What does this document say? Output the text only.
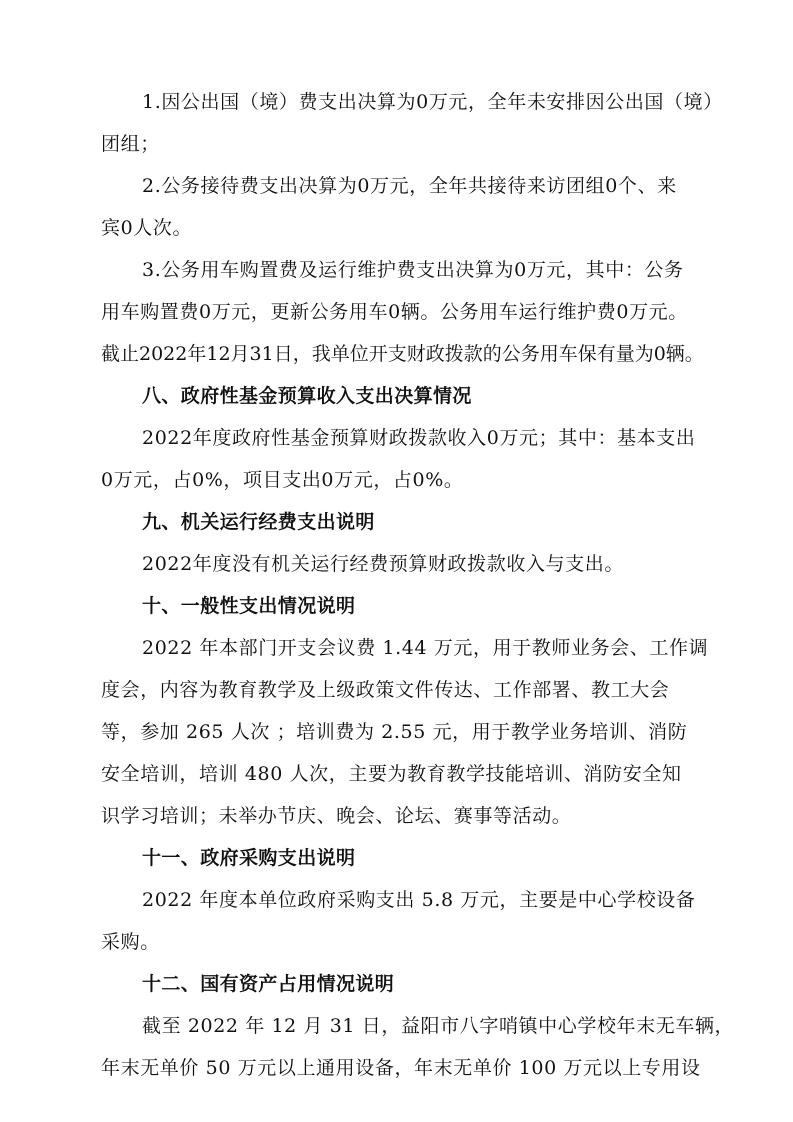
1.因公出国（境）费支出决算为0万元，全年未安排因公出国（境）
团组；
2.公务接待费支出决算为0万元，全年共接待来访团组0个、来
宾0人次。
3.公务用车购置费及运行维护费支出决算为0万元，其中：公务
用车购置费0万元，更新公务用车0辆。公务用车运行维护费0万元。
截止2022年12月31日，我单位开支财政拨款的公务用车保有量为0辆。
八、政府性基金预算收入支出决算情况
2022年度政府性基金预算财政拨款收入0万元；其中：基本支出
0万元，占0%，项目支出0万元，占0%。
九、机关运行经费支出说明
2022年度没有机关运行经费预算财政拨款收入与支出。
十、一般性支出情况说明
2022 年本部门开支会议费 1.44 万元，用于教师业务会、工作调
度会，内容为教育教学及上级政策文件传达、工作部署、教工大会
等，参加 265 人次 ；培训费为 2.55 元，用于教学业务培训、消防
安全培训，培训 480 人次，主要为教育教学技能培训、消防安全知
识学习培训；未举办节庆、晚会、论坛、赛事等活动。
十一、政府采购支出说明
2022 年度本单位政府采购支出 5.8 万元，主要是中心学校设备
采购。
十二、国有资产占用情况说明
截至 2022 年 12 月 31 日，益阳市八字哨镇中心学校年末无车辆，
年末无单价 50 万元以上通用设备，年末无单价 100 万元以上专用设
